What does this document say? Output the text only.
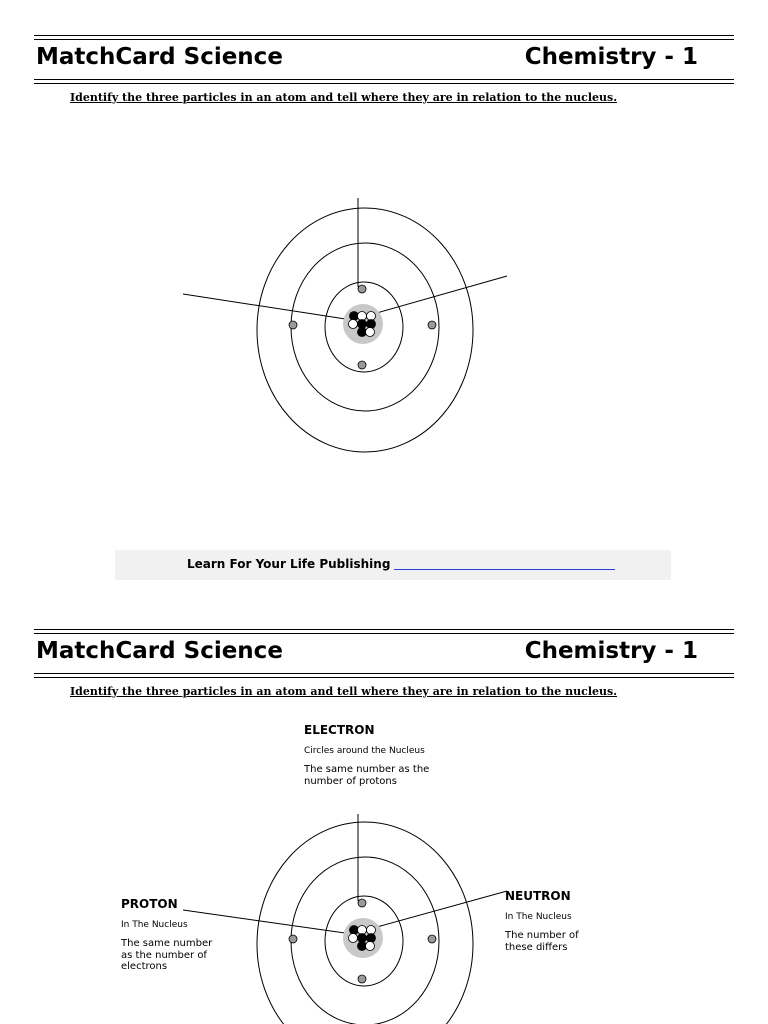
MatchCard Science	Chemistry - 1
Identify the three particles in an atom and tell where they are in relation to the nucleus.
Learn For Your Life Publishing
MatchCard Science	Chemistry - 1
Identify the three particles in an atom and tell where they are in relation to the nucleus.
ELECTRON
Circles around the Nucleus
The same number as the
number of protons
PROTON
In The Nucleus
The same number
as the number of
electrons
NEUTRON
In The Nucleus
The number of
these differs
